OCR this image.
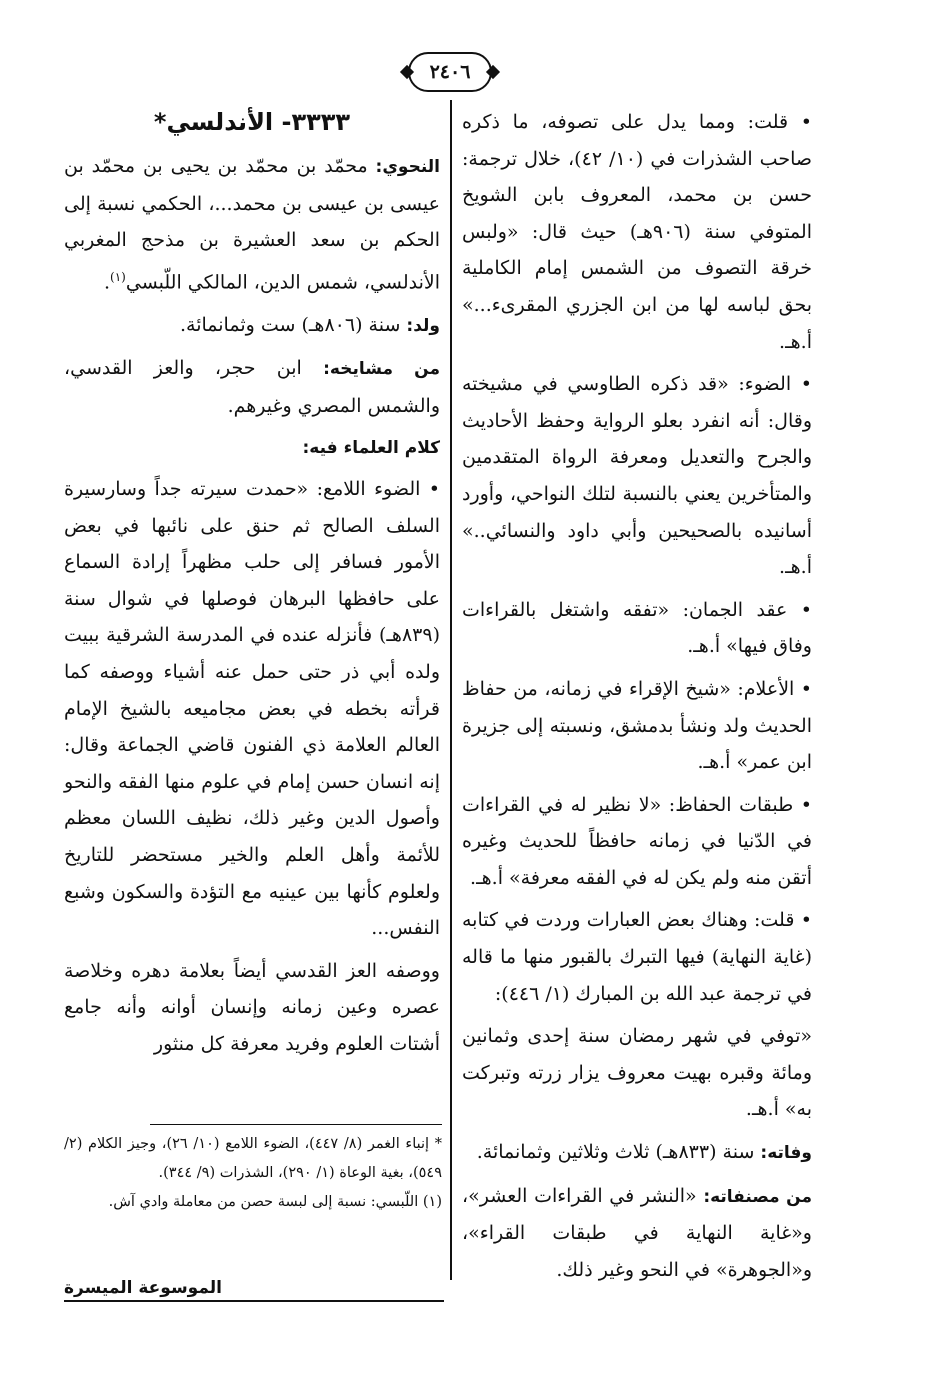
٢٤٠٦

• قلت: ومما يدل على تصوفه، ما ذكره صاحب الشذرات في (١٠/ ٤٢)، خلال ترجمة: حسن بن محمد، المعروف بابن الشويخ المتوفي سنة (٩٠٦هـ) حيث قال: «ولبس خرقة التصوف من الشمس إمام الكاملية بحق لباسه لها من ابن الجزري المقرىء...» أ.هـ.

• الضوء: «قد ذكره الطاوسي في مشيخته وقال: أنه انفرد بعلو الرواية وحفظ الأحاديث والجرح والتعديل ومعرفة الرواة المتقدمين والمتأخرين يعني بالنسبة لتلك النواحي، وأورد أسانيده بالصحيحين وأبي داود والنسائي..» أ.هـ.

• عقد الجمان: «تفقه واشتغل بالقراءات وفاق فيها» أ.هـ.

• الأعلام: «شيخ الإقراء في زمانه، من حفاظ الحديث ولد ونشأ بدمشق، ونسبته إلى جزيرة ابن عمر» أ.هـ.

• طبقات الحفاظ: «لا نظير له في القراءات في الدّنيا في زمانه حافظاً للحديث وغيره أتقن منه ولم يكن له في الفقه معرفة» أ.هـ.

• قلت: وهناك بعض العبارات وردت في كتابه (غاية النهاية) فيها التبرك بالقبور منها ما قاله في ترجمة عبد الله بن المبارك (١/ ٤٤٦):

«توفي في شهر رمضان سنة إحدى وثمانين ومائة وقبره بهيت معروف يزار زرته وتبركت به» أ.هـ.

وفاته: سنة (٨٣٣هـ) ثلاث وثلاثين وثمانمائة.

من مصنفاته: «النشر في القراءات العشر»، و«غاية النهاية في طبقات القراء»، و«الجوهرة» في النحو وغير ذلك.

٣٣٣٣- الأندلسي*

النحوي: محمّد بن محمّد بن يحيى بن محمّد بن عيسى بن عيسى بن محمد...، الحكمي نسبة إلى الحكم بن سعد العشيرة بن مذحج المغربي الأندلسي، شمس الدين، المالكي اللّبسي$^{(١)}$.

ولد: سنة (٨٠٦هـ) ست وثمانمائة.

من مشايخه: ابن حجر، والعز القدسي، والشمس المصري وغيرهم.

كلام العلماء فيه:

• الضوء اللامع: «حمدت سيرته جداً وسارسيرة السلف الصالح ثم حنق على نائبها في بعض الأمور فسافر إلى حلب مظهراً إرادة السماع على حافظها البرهان فوصلها في شوال سنة (٨٣٩هـ) فأنزله عنده في المدرسة الشرقية ببيت ولده أبي ذر حتى حمل عنه أشياء ووصفه كما قرأته بخطه في بعض مجاميعه بالشيخ الإمام العالم العلامة ذي الفنون قاضي الجماعة وقال: إنه انسان حسن إمام في علوم منها الفقه والنحو وأصول الدين وغير ذلك، نظيف اللسان معظم للأئمة وأهل العلم والخير مستحضر للتاريخ ولعلوم كأنها بين عينيه مع التؤدة والسكون وشبع النفس...

ووصفه العز القدسي أيضاً بعلامة دهره وخلاصة عصره وعين زمانه وإنسان أوانه وأنه جامع أشتات العلوم وفريد معرفة كل منثور

* إنباء الغمر (٨/ ٤٤٧)، الضوء اللامع (١٠/ ٢٦)، وجيز الكلام (٢/ ٥٤٩)، بغية الوعاة (١/ ٢٩٠)، الشذرات (٩/ ٣٤٤).

(١) اللّبسي: نسبة إلى لبسة حصن من معاملة وادي آش.

الموسوعة الميسرة
